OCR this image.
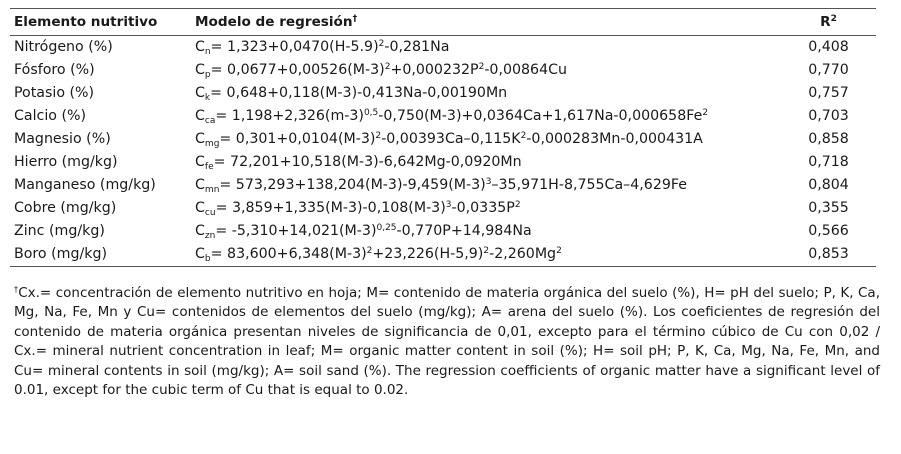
Elemento nutritivo	Modelo de regresión†	$R^2$
Nitrógeno (%)	$C_n= 1,323+0,0470(H-5.9)^2-0,281Na$	0,408
Fósforo (%)	$C_p= 0,0677+0,00526(M-3)^2+0,000232P^2-0,00864Cu$	0,770
Potasio (%)	$C_k= 0,648+0,118(M-3)-0,413Na-0,00190Mn$	0,757
Calcio (%)	$C_{ca}= 1,198+2,326(m-3)^{0,5}-0,750(M-3)+0,0364Ca+1,617Na-0,000658Fe^2$	0,703
Magnesio (%)	$C_{mg}= 0,301+0,0104(M-3)^2-0,00393Ca-0,115K^2-0,000283Mn-0,000431A$	0,858
Hierro (mg/kg)	$C_{fe}= 72,201+10,518(M-3)-6,642Mg-0,0920Mn$	0,718
Manganeso (mg/kg)	$C_{mn}= 573,293+138,204(M-3)-9,459(M-3)^3-35,971H-8,755Ca-4,629Fe$	0,804
Cobre (mg/kg)	$C_{cu}= 3,859+1,335(M-3)-0,108(M-3)^3-0,0335P^2$	0,355
Zinc (mg/kg)	$C_{zn}= -5,310+14,021(M-3)^{0,25}-0,770P+14,984Na$	0,566
Boro (mg/kg)	$C_b= 83,600+6,348(M-3)^2+23,226(H-5,9)^2-2,260Mg^2$	0,853
†Cx.= concentración de elemento nutritivo en hoja; M= contenido de materia orgánica del suelo (%), H= pH del suelo; P, K, Ca, Mg, Na, Fe, Mn y Cu= contenidos de elementos del suelo (mg/kg); A= arena del suelo (%). Los coeficientes de regresión del contenido de materia orgánica presentan niveles de significancia de 0,01, excepto para el término cúbico de Cu con 0,02 / Cx.= mineral nutrient concentration in leaf; M= organic matter content in soil (%); H= soil pH; P, K, Ca, Mg, Na, Fe, Mn, and Cu= mineral contents in soil (mg/kg); A= soil sand (%). The regression coefficients of organic matter have a significant level of 0.01, except for the cubic term of Cu that is equal to 0.02.
